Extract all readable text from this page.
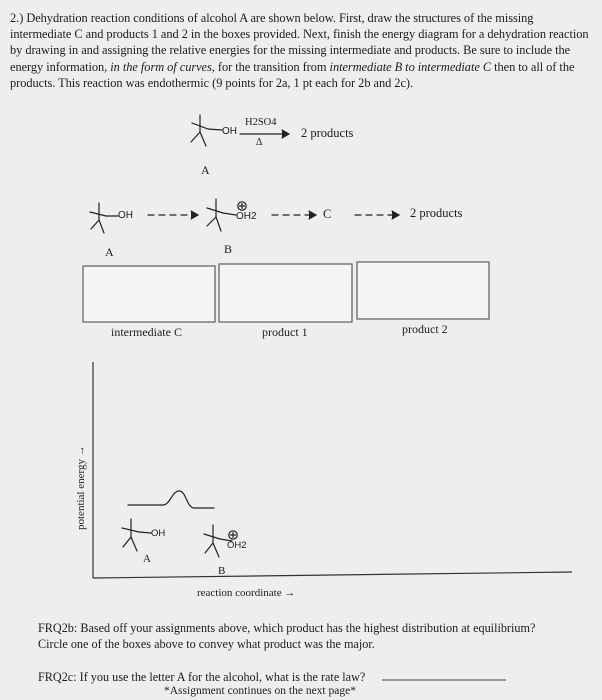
2.) Dehydration reaction conditions of alcohol A are shown below. First, draw the structures of the missing intermediate C and products 1 and 2 in the boxes provided. Next, finish the energy diagram for a dehydration reaction by drawing in and assigning the relative energies for the missing intermediate and products. Be sure to include the energy information, in the form of curves, for the transition from intermediate B to intermediate C then to all of the products. This reaction was endothermic (9 points for 2a, 1 pt each for 2b and 2c).
OH
H2SO4
Δ
2 products
A
OH
A
OH2
B
C	2 products
intermediate C	product 1	product 2
potential energy →
reaction coordinate →
OH
A
OH2
B
FRQ2b: Based off your assignments above, which product has the highest distribution at equilibrium? Circle one of the boxes above to convey what product was the major.
FRQ2c: If you use the letter A for the alcohol, what is the rate law?
*Assignment continues on the next page*
